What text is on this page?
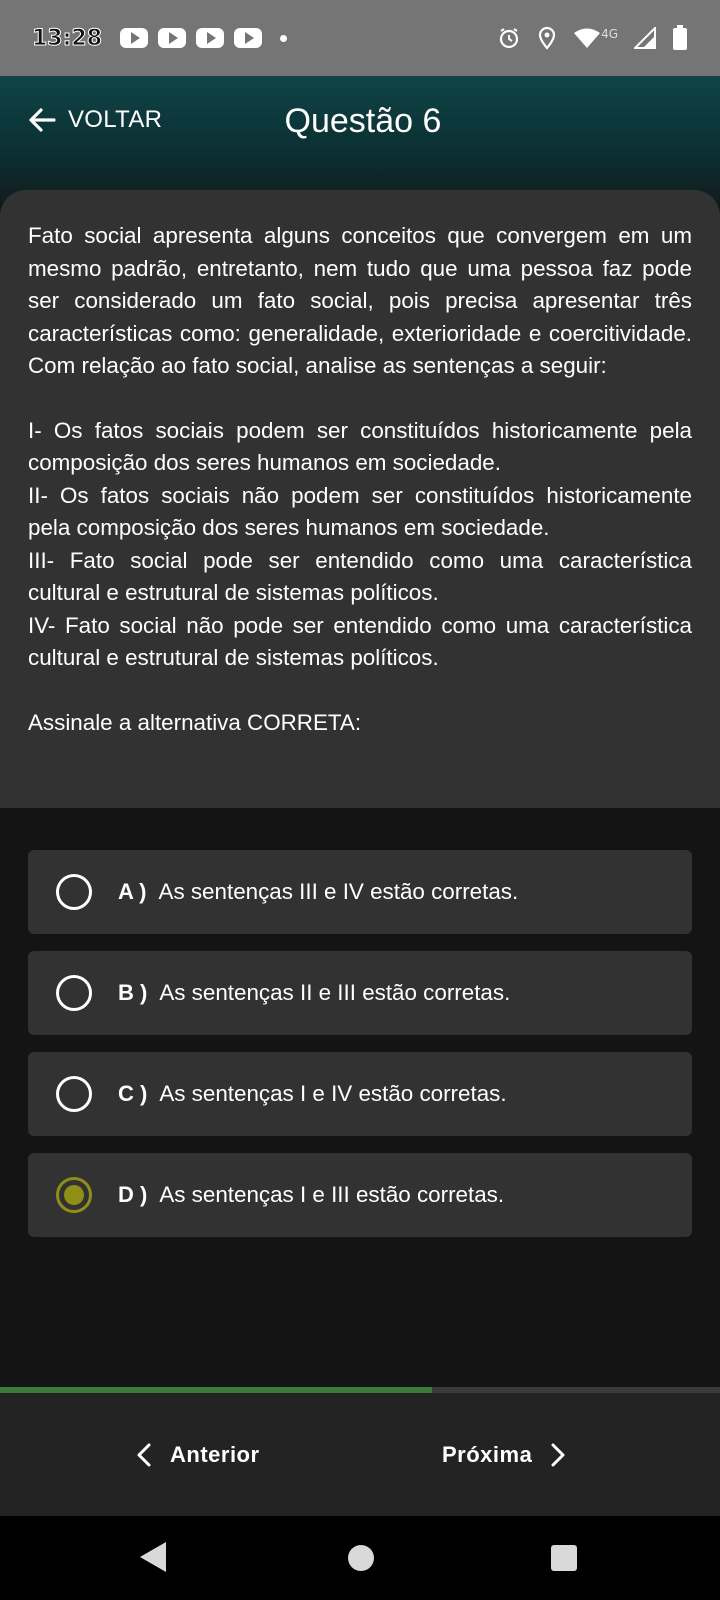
13:28	4G
VOLTAR	Questão 6

Fato social apresenta alguns conceitos que convergem em um mesmo padrão, entretanto, nem tudo que uma pessoa faz pode ser considerado um fato social, pois precisa apresentar três características como: generalidade, exterioridade e coercitividade. Com relação ao fato social, analise as sentenças a seguir:

I- Os fatos sociais podem ser constituídos historicamente pela composição dos seres humanos em sociedade.

II- Os fatos sociais não podem ser constituídos historicamente pela composição dos seres humanos em sociedade.

III- Fato social pode ser entendido como uma característica cultural e estrutural de sistemas políticos.

IV- Fato social não pode ser entendido como uma característica cultural e estrutural de sistemas políticos.

Assinale a alternativa CORRETA:

A ) As sentenças III e IV estão corretas.
B ) As sentenças II e III estão corretas.
C ) As sentenças I e IV estão corretas.
D ) As sentenças I e III estão corretas.
Anterior	Próxima
